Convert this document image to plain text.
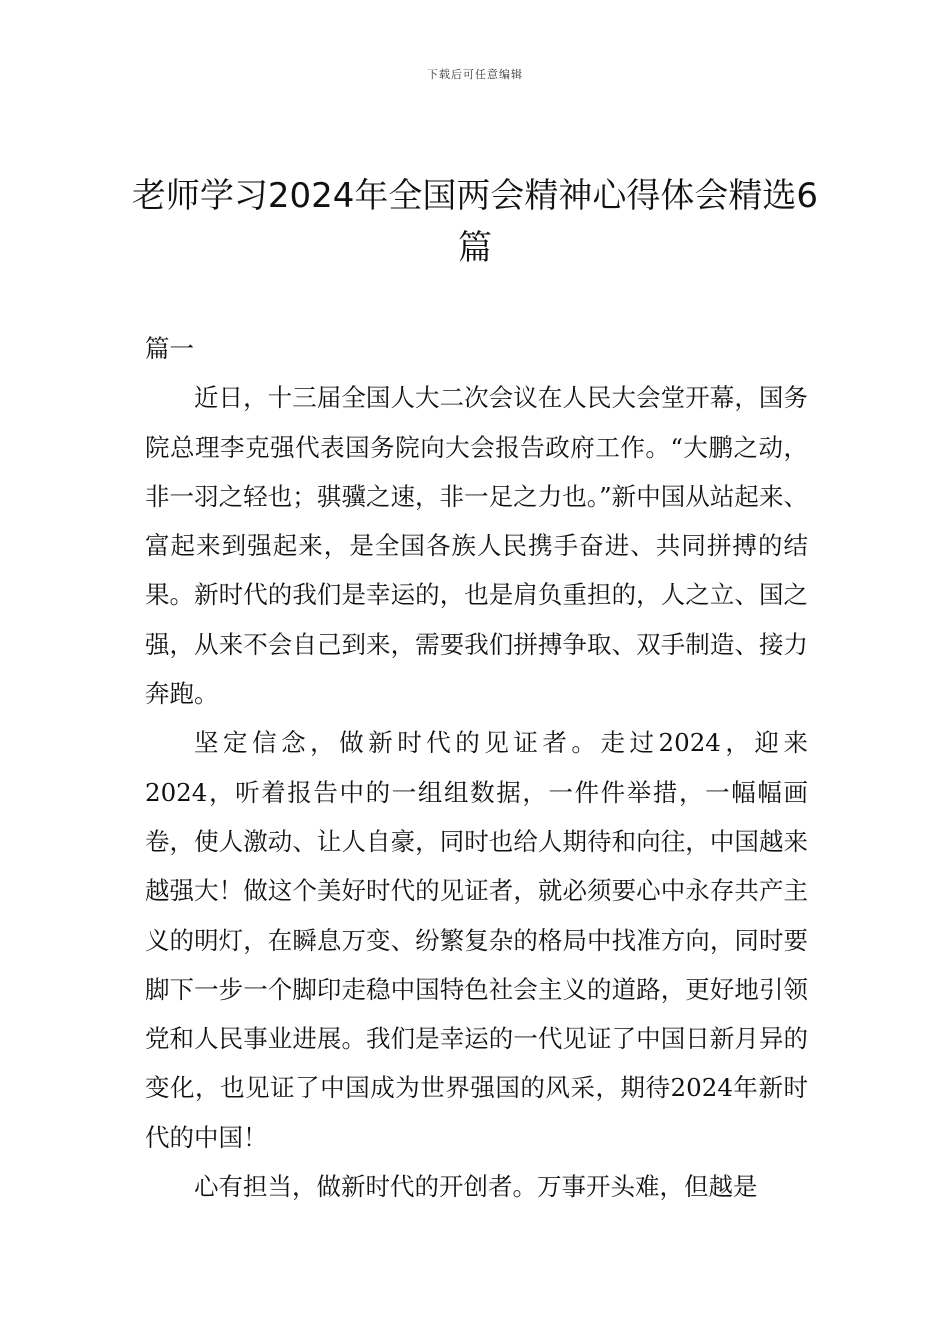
下载后可任意编辑
老师学习2024年全国两会精神心得体会精选6篇

篇一

近日，十三届全国人大二次会议在人民大会堂开幕，国务院总理李克强代表国务院向大会报告政府工作。“大鹏之动，非一羽之轻也；骐骥之速，非一足之力也。”新中国从站起来、富起来到强起来，是全国各族人民携手奋进、共同拼搏的结果。新时代的我们是幸运的，也是肩负重担的，人之立、国之强，从来不会自己到来，需要我们拼搏争取、双手制造、接力奔跑。

坚定信念，做新时代的见证者。走过2024，迎来2024，听着报告中的一组组数据，一件件举措，一幅幅画卷，使人激动、让人自豪，同时也给人期待和向往，中国越来越强大！做这个美好时代的见证者，就必须要心中永存共产主义的明灯，在瞬息万变、纷繁复杂的格局中找准方向，同时要脚下一步一个脚印走稳中国特色社会主义的道路，更好地引领党和人民事业进展。我们是幸运的一代见证了中国日新月异的变化，也见证了中国成为世界强国的风采，期待2024年新时代的中国！

心有担当，做新时代的开创者。万事开头难，但越是
